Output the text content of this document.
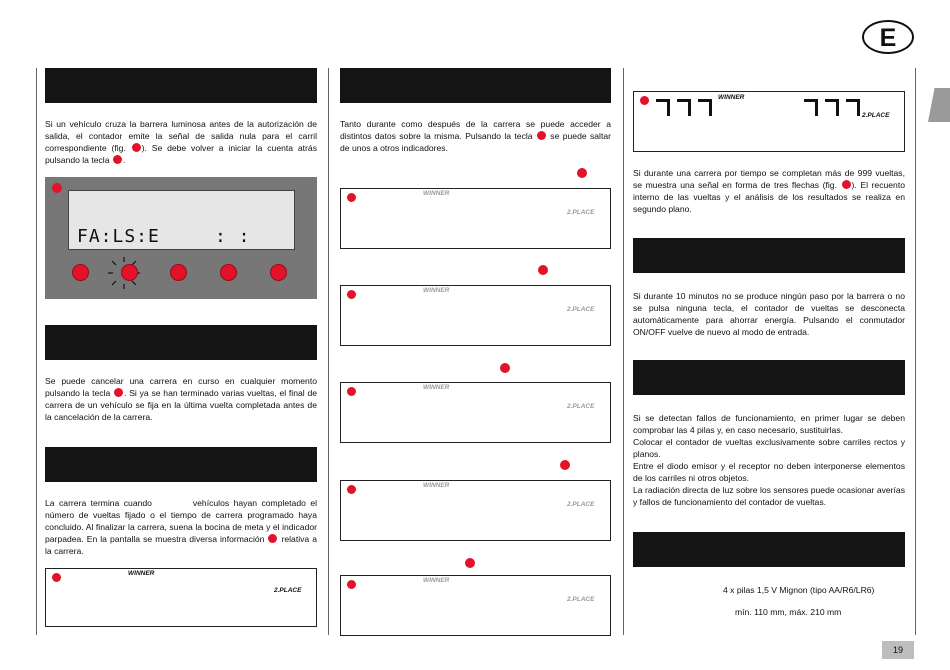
E
Si un vehículo cruza la barrera luminosa antes de la autorización de salida, el contador emite la señal de salida nula para el carril correspondiente (fig. ). Se debe volver a iniciar la cuenta atrás pulsando la tecla .
FA:LS:E	: :
Se puede cancelar una carrera en curso en cualquier momento pulsando la tecla . Si ya se han terminado varias vueltas, el final de carrera de un vehículo se fija en la última vuelta completada antes de la cancelación de la carrera.
La carrera termina cuando	vehículos hayan completado el número de vueltas fijado o el tiempo de carrera programado haya concluido. Al finalizar la carrera, suena la bocina de meta y el indicador parpadea. En la pantalla se muestra diversa información relativa a la carrera.
WINNER
2.PLACE
Tanto durante como después de la carrera se puede acceder a distintos datos sobre la misma. Pulsando la tecla se puede saltar de unos a otros indicadores.
WINNER
2.PLACE
WINNER
2.PLACE
WINNER
2.PLACE
WINNER
2.PLACE
WINNER
2.PLACE
WINNER
2.PLACE
Si durante una carrera por tiempo se completan más de 999 vueltas, se muestra una señal en forma de tres flechas (fig. ). El recuento interno de las vueltas y el análisis de los resultados se realiza en segundo plano.
Si durante 10 minutos no se produce ningún paso por la barrera o no se pulsa ninguna tecla, el contador de vueltas se desconecta automáticamente para ahorrar energía. Pulsando el conmutador ON/OFF vuelve de nuevo al modo de entrada.

Si se detectan fallos de funcionamiento, en primer lugar se deben comprobar las 4 pilas y, en caso necesario, sustituirlas.

Colocar el contador de vueltas exclusivamente sobre carriles rectos y planos.

Entre el diodo emisor y el receptor no deben interponerse elementos de los carriles ni otros objetos.

La radiación directa de luz sobre los sensores puede ocasionar averías y fallos de funcionamiento del contador de vueltas.

4 x pilas 1,5 V Mignon (tipo AA/R6/LR6)
mín. 110 mm, máx. 210 mm
19
